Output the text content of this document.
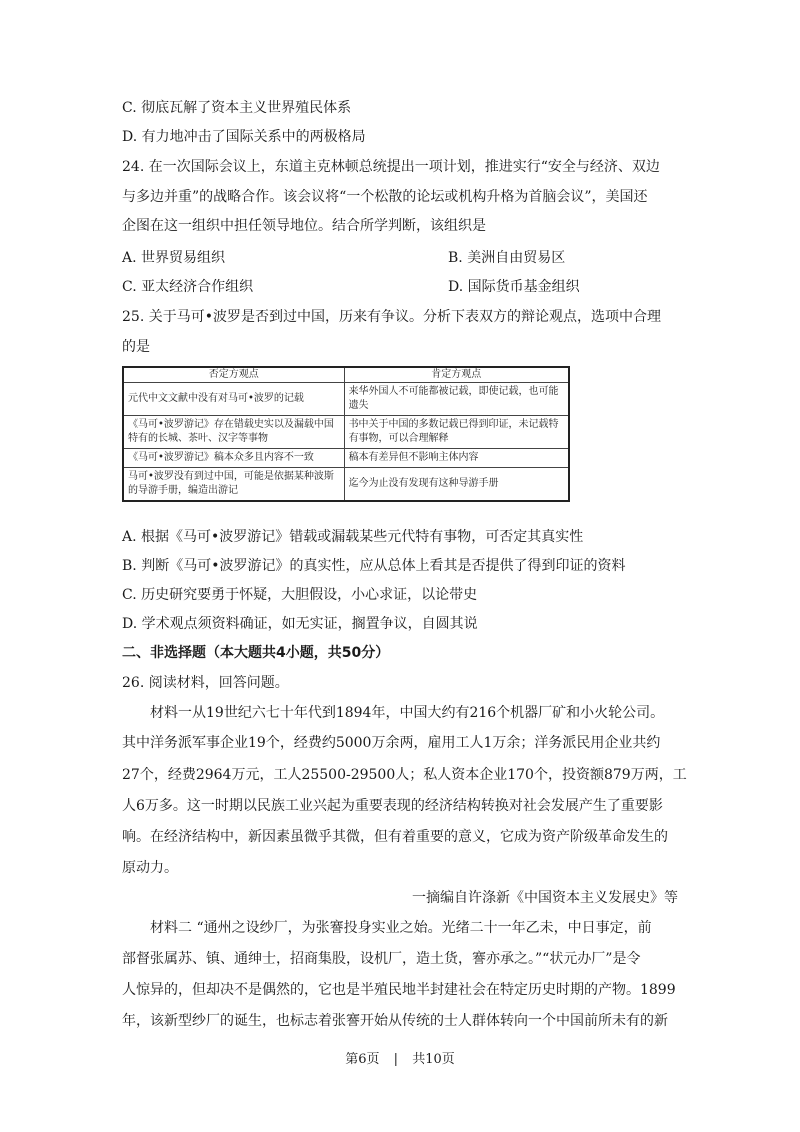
C. 彻底瓦解了资本主义世界殖民体系
D. 有力地冲击了国际关系中的两极格局
24. 在一次国际会议上，东道主克林顿总统提出一项计划，推进实行“安全与经济、双边
与多边并重”的战略合作。该会议将“一个松散的论坛或机构升格为首脑会议”，美国还
企图在这一组织中担任领导地位。结合所学判断，该组织是
A. 世界贸易组织	B. 美洲自由贸易区
C. 亚太经济合作组织	D. 国际货币基金组织
25. 关于马可•波罗是否到过中国，历来有争议。分析下表双方的辩论观点，选项中合理
的是
否定方观点	肯定方观点
元代中文文献中没有对马可•波罗的记载	来华外国人不可能都被记载，即使记载，也可能遗失
《马可•波罗游记》存在错载史实以及漏载中国特有的长城、茶叶、汉字等事物	书中关于中国的多数记载已得到印证，未记载特有事物，可以合理解释
《马可•波罗游记》稿本众多且内容不一致	稿本有差异但不影响主体内容
马可•波罗没有到过中国，可能是依据某种波斯的导游手册，编造出游记	迄今为止没有发现有这种导游手册
A. 根据《马可•波罗游记》错载或漏载某些元代特有事物，可否定其真实性
B. 判断《马可•波罗游记》的真实性，应从总体上看其是否提供了得到印证的资料
C. 历史研究要勇于怀疑，大胆假设，小心求证，以论带史
D. 学术观点须资料确证，如无实证，搁置争议，自圆其说
二、非选择题（本大题共4小题，共50分）
26. 阅读材料，回答问题。
材料一从19世纪六七十年代到1894年，中国大约有216个机器厂矿和小火轮公司。
其中洋务派军事企业19个，经费约5000万余两，雇用工人1万余；洋务派民用企业共约
27个，经费2964万元，工人25500-29500人；私人资本企业170个，投资额879万两，工
人6万多。这一时期以民族工业兴起为重要表现的经济结构转换对社会发展产生了重要影
响。在经济结构中，新因素虽微乎其微，但有着重要的意义，它成为资产阶级革命发生的
原动力。
一摘编自许涤新《中国资本主义发展史》等
材料二 “通州之设纱厂，为张謇投身实业之始。光绪二十一年乙未，中日事定，前
部督张属苏、镇、通绅士，招商集股，设机厂，造土货，謇亦承之。”“状元办厂”是令
人惊异的，但却决不是偶然的，它也是半殖民地半封建社会在特定历史时期的产物。1899
年，该新型纱厂的诞生，也标志着张謇开始从传统的士人群体转向一个中国前所未有的新
第6页 | 共10页
